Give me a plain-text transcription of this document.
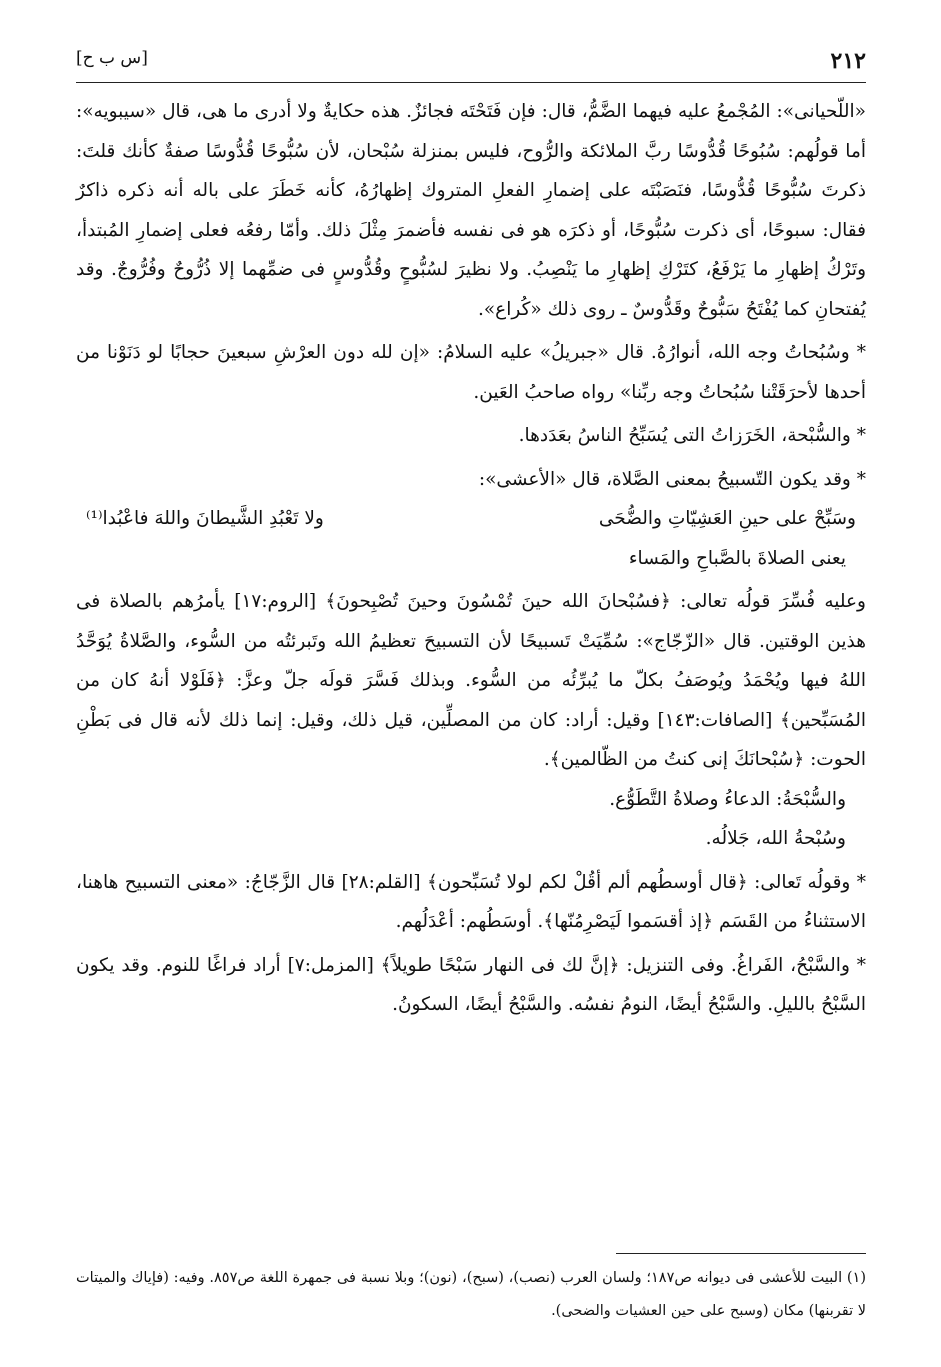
[س ب ح]	٢١٢

«اللّحيانى»: المُجْمعُ عليه فيهما الضَّمُّ، قال: فإن فَتَحْتَه فجائزٌ. هذه حكايةٌ ولا أدرى ما هى، قال «سيبويه»: أما قولُهم: سُبُوحًا قُدُّوسًا ربَّ الملائكة والرُّوح، فليس بمنزلة سُبْحان، لأن سُبُّوحًا قُدُّوسًا صفةٌ كأنك قلتَ: ذكرتَ سُبُّوحًا قُدُّوسًا، فنَصَبْتَه على إضمارِ الفعلِ المتروك إظهارُهُ، كأنه خَطَرَ على باله أنه ذكره ذاكرٌ فقال: سبوحًا، أى ذكرت سُبُّوحًا، أو ذكرَه هو فى نفسه فأضمرَ مِثْلَ ذلك. وأمّا رفعُه فعلى إضمارِ المُبتدأ، وتَرْكُ إظهارِ ما يَرْفَعُ، كتَرْكِ إظهارِ ما يَنْصِبُ. ولا نظيرَ لسُبُّوحٍ وقُدُّوسٍ فى ضمِّهما إلا ذُرُّوحٌ وفُرُّوجٌ. وقد يُفتحانِ كما يُفْتَحُ سَبُّوحٌ وقَدُّوسٌ ـ روى ذلك «كُراع».

* وسُبُحاتُ وجه الله، أنوارُهُ. قال «جبريلُ» عليه السلامُ: «إن لله دون العرْشِ سبعينَ حجابًا لو دَنَوْنا من أحدها لأحرَقَتْنا سُبُحاتُ وجه ربِّنا» رواه صاحبُ العَين.

* والسُّبْحة، الخَرَزاتُ التى يُسَبِّحُ الناسُ بعَدَدها.

* وقد يكون التّسبيحُ بمعنى الصَّلاة، قال «الأعشى»:

وسَبِّحْ على حينِ العَشِيّاتِ والضُّحَى
ولا تَعْبُدِ الشَّيطانَ واللهَ فاعْبُدا⁽¹⁾

يعنى الصلاةَ بالصَّباحِ والمَساء

وعليه فُسِّرَ قولُه تعالى: ﴿فسُبْحانَ الله حينَ تُمْسُونَ وحينَ تُصْبِحونَ﴾ [الروم:١٧] يأمرُهم بالصلاة فى هذين الوقتين. قال «الزّجّاج»: سُمِّيَتْ تَسبيحًا لأن التسبيحَ تعظيمُ الله وتَبرئتُه من السُّوء، والصَّلاةُ يُوَحَّدُ اللهُ فيها ويُحْمَدُ ويُوصَفُ بكلّ ما يُبرِّئُه من السُّوء. وبذلك فَسَّرَ قولَه جلّ وعزَّ: ﴿فَلَوْلا أنهُ كان من المُسَبِّحين﴾ [الصافات:١٤٣] وقيل: أراد: كان من المصلِّين، قيل ذلك، وقيل: إنما ذلك لأنه قال فى بَطْنِ الحوت: ﴿سُبْحانَكَ إنى كنتُ من الظّالمين﴾.

والسُّبْحَةُ: الدعاءُ وصلاةُ التَّطَوُّع.

وسُبْحةُ الله، جَلالُه.

* وقولُه تَعالى: ﴿قال أوسطُهم ألم أقُلْ لكم لولا تُسَبِّحون﴾ [القلم:٢٨] قال الزَّجّاجُ: «معنى التسبيح هاهنا، الاستثناءُ من القَسَم ﴿إذ أقسَموا لَيَصْرِمُنّها﴾. أوسَطُهم: أعْدَلُهم.

* والسَّبْحُ، الفَراغُ. وفى التنزيل: ﴿إنَّ لك فى النهار سَبْحًا طويلاً﴾ [المزمل:٧] أراد فراغًا للنوم. وقد يكون السَّبْحُ بالليلِ. والسَّبْحُ أيضًا، النومُ نفسُه. والسَّبْحُ أيضًا، السكونُ.

(١) البيت للأعشى فى ديوانه ص١٨٧؛ ولسان العرب (نصب)، (سبح)، (نون)؛ وبلا نسبة فى جمهرة اللغة ص٨٥٧. وفيه: (فإياك والميتات لا تقربنها) مكان (وسبح على حين العشيات والضحى).
